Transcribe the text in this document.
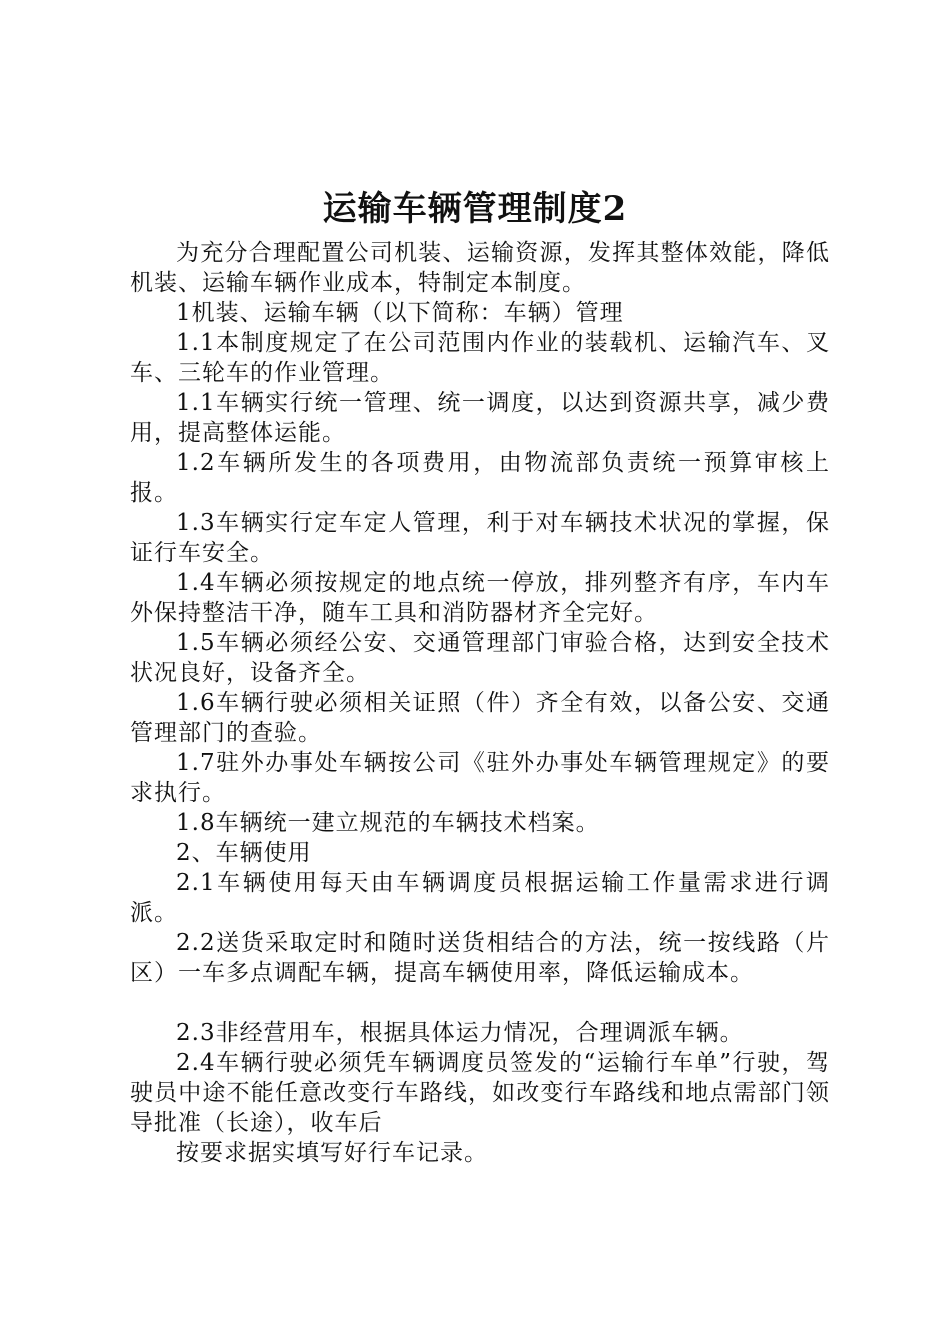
运输车辆管理制度2

为充分合理配置公司机装、运输资源，发挥其整体效能，降低机装、运输车辆作业成本，特制定本制度。

1机装、运输车辆（以下简称：车辆）管理

1.1本制度规定了在公司范围内作业的装载机、运输汽车、叉车、三轮车的作业管理。

1.1车辆实行统一管理、统一调度，以达到资源共享，减少费用，提高整体运能。

1.2车辆所发生的各项费用，由物流部负责统一预算审核上报。

1.3车辆实行定车定人管理，利于对车辆技术状况的掌握，保证行车安全。

1.4车辆必须按规定的地点统一停放，排列整齐有序，车内车外保持整洁干净，随车工具和消防器材齐全完好。

1.5车辆必须经公安、交通管理部门审验合格，达到安全技术状况良好，设备齐全。

1.6车辆行驶必须相关证照（件）齐全有效，以备公安、交通管理部门的查验。

1.7驻外办事处车辆按公司《驻外办事处车辆管理规定》的要求执行。

1.8车辆统一建立规范的车辆技术档案。

2、车辆使用

2.1车辆使用每天由车辆调度员根据运输工作量需求进行调派。

2.2送货采取定时和随时送货相结合的方法，统一按线路（片区）一车多点调配车辆，提高车辆使用率，降低运输成本。

2.3非经营用车，根据具体运力情况，合理调派车辆。

2.4车辆行驶必须凭车辆调度员签发的“运输行车单”行驶，驾驶员中途不能任意改变行车路线，如改变行车路线和地点需部门领导批准（长途），收车后

按要求据实填写好行车记录。
